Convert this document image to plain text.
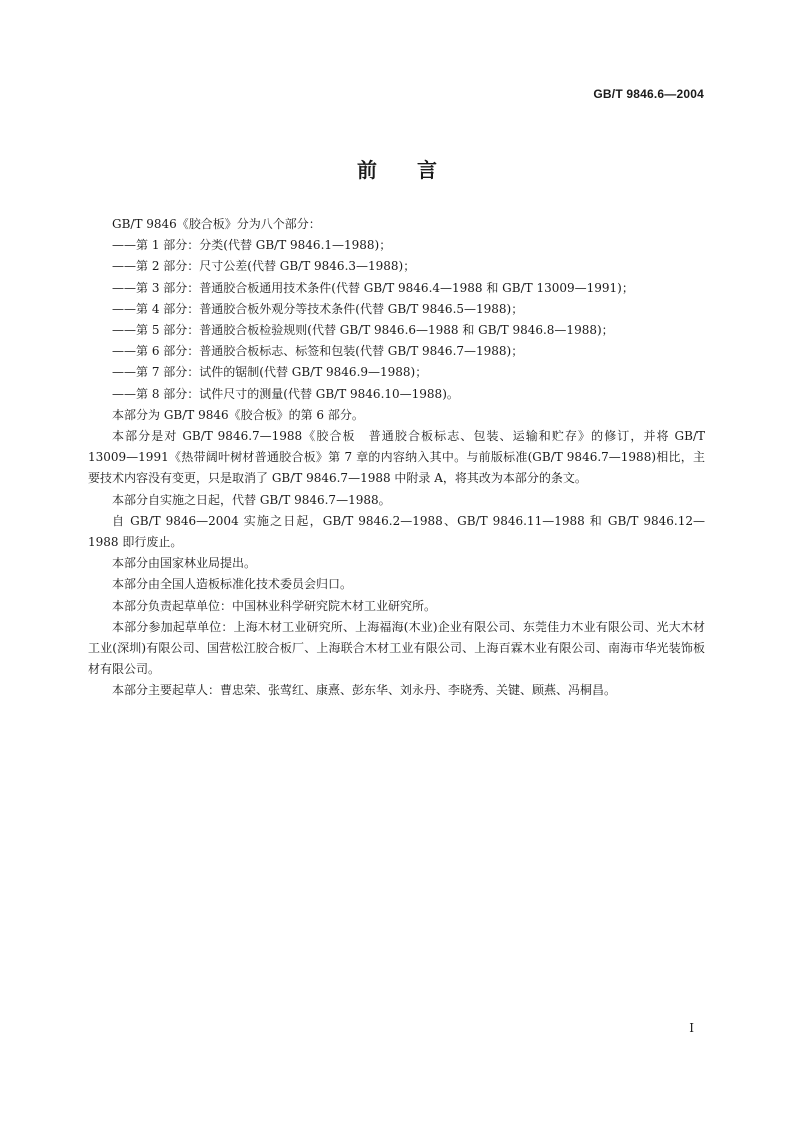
GB/T 9846.6—2004
前 言

GB/T 9846《胶合板》分为八个部分：

——第 1 部分：分类(代替 GB/T 9846.1—1988)；

——第 2 部分：尺寸公差(代替 GB/T 9846.3—1988)；

——第 3 部分：普通胶合板通用技术条件(代替 GB/T 9846.4—1988 和 GB/T 13009—1991)；

——第 4 部分：普通胶合板外观分等技术条件(代替 GB/T 9846.5—1988)；

——第 5 部分：普通胶合板检验规则(代替 GB/T 9846.6—1988 和 GB/T 9846.8—1988)；

——第 6 部分：普通胶合板标志、标签和包装(代替 GB/T 9846.7—1988)；

——第 7 部分：试件的锯制(代替 GB/T 9846.9—1988)；

——第 8 部分：试件尺寸的测量(代替 GB/T 9846.10—1988)。

本部分为 GB/T 9846《胶合板》的第 6 部分。

本部分是对 GB/T 9846.7—1988《胶合板　普通胶合板标志、包装、运输和贮存》的修订，并将 GB/T 13009—1991《热带阔叶树材普通胶合板》第 7 章的内容纳入其中。与前版标准(GB/T 9846.7—1988)相比，主要技术内容没有变更，只是取消了 GB/T 9846.7—1988 中附录 A，将其改为本部分的条文。

本部分自实施之日起，代替 GB/T 9846.7—1988。

自 GB/T 9846—2004 实施之日起，GB/T 9846.2—1988、GB/T 9846.11—1988 和 GB/T 9846.12—1988 即行废止。

本部分由国家林业局提出。

本部分由全国人造板标准化技术委员会归口。

本部分负责起草单位：中国林业科学研究院木材工业研究所。

本部分参加起草单位：上海木材工业研究所、上海福海(木业)企业有限公司、东莞佳力木业有限公司、光大木材工业(深圳)有限公司、国营松江胶合板厂、上海联合木材工业有限公司、上海百霖木业有限公司、南海市华光装饰板材有限公司。

本部分主要起草人：曹忠荣、张莺红、康熹、彭东华、刘永丹、李晓秀、关键、顾燕、冯桐昌。

I
